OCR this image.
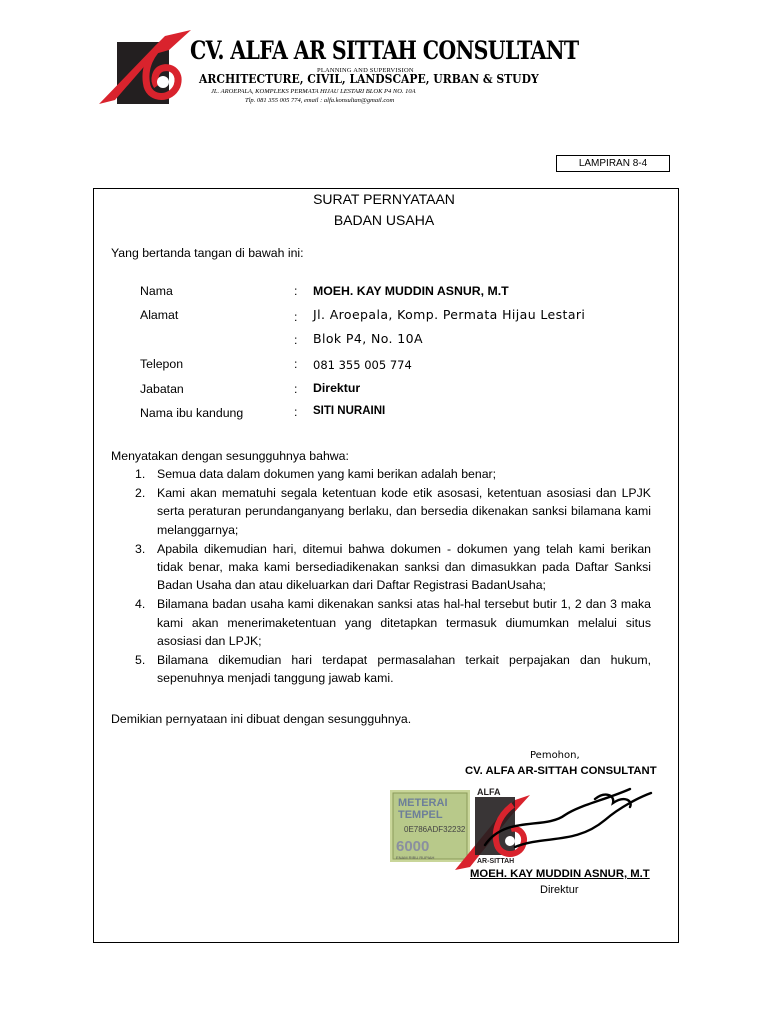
CV. ALFA AR SITTAH CONSULTANT
PLANNING AND SUPERVISION
ARCHITECTURE, CIVIL, LANDSCAPE, URBAN & STUDY
JL. AROEPALA, KOMPLEKS PERMATA HIJAU LESTARI BLOK P4 NO. 10A
Tlp. 081 355 005 774, email : alfa.konsultan@gmail.com
LAMPIRAN 8-4
SURAT PERNYATAAN
BADAN USAHA
Yang bertanda tangan di bawah ini:
Nama	: MOEH. KAY MUDDIN ASNUR, M.T
Alamat	: Jl. Aroepala, Komp. Permata Hijau Lestari
: Blok P4, No. 10A
Telepon	: 081 355 005 774
Jabatan	: Direktur
Nama ibu kandung	: SITI NURAINI
Menyatakan dengan sesungguhnya bahwa:
1. Semua data dalam dokumen yang kami berikan adalah benar;
2. Kami akan mematuhi segala ketentuan kode etik asosasi, ketentuan asosiasi dan LPJK serta peraturan perundanganyang berlaku, dan bersedia dikenakan sanksi bilamana kami melanggarnya;
3. Apabila dikemudian hari, ditemui bahwa dokumen - dokumen yang telah kami berikan tidak benar, maka kami bersediadikenakan sanksi dan dimasukkan pada Daftar Sanksi Badan Usaha dan atau dikeluarkan dari Daftar Registrasi BadanUsaha;
4. Bilamana badan usaha kami dikenakan sanksi atas hal-hal tersebut butir 1, 2 dan 3 maka kami akan menerimaketentuan yang ditetapkan termasuk diumumkan melalui situs asosiasi dan LPJK;
5. Bilamana dikemudian hari terdapat permasalahan terkait perpajakan dan hukum, sepenuhnya menjadi tanggung jawab kami.
Demikian pernyataan ini dibuat dengan sesungguhnya.
Pemohon,
CV. ALFA AR-SITTAH CONSULTANT
METERAI
TEMPEL
0E786ADF32232
6000
ENAM RIBU RUPIAH
ALFA
AR-SITTAH
MOEH. KAY MUDDIN ASNUR, M.T
Direktur
